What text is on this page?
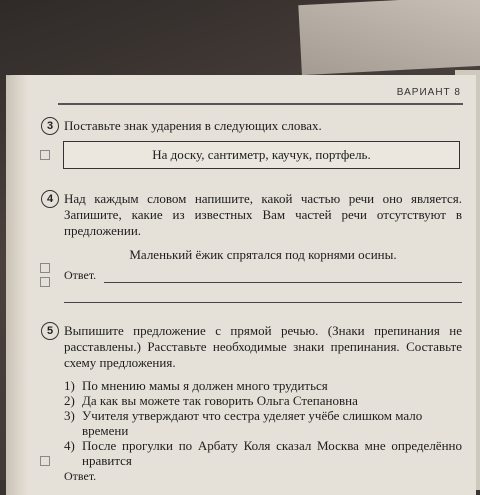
ВАРИАНТ 8
3 Поставьте знак ударения в следующих словах.
На доску, сантиметр, каучук, портфель.
4 Над каждым словом напишите, какой частью речи оно является. Запишите, какие из известных Вам частей речи отсутствуют в предложении.
Маленький ёжик спрятался под корнями осины.
Ответ.
5 Выпишите предложение с прямой речью. (Знаки препинания не расставлены.) Расставьте необходимые знаки препинания. Составьте схему предложения.
1) По мнению мамы я должен много трудиться
2) Да как вы можете так говорить Ольга Степановна
3) Учителя утверждают что сестра уделяет учёбе слишком мало времени
4) После прогулки по Арбату Коля сказал Москва мне определённо нравится
Ответ.
